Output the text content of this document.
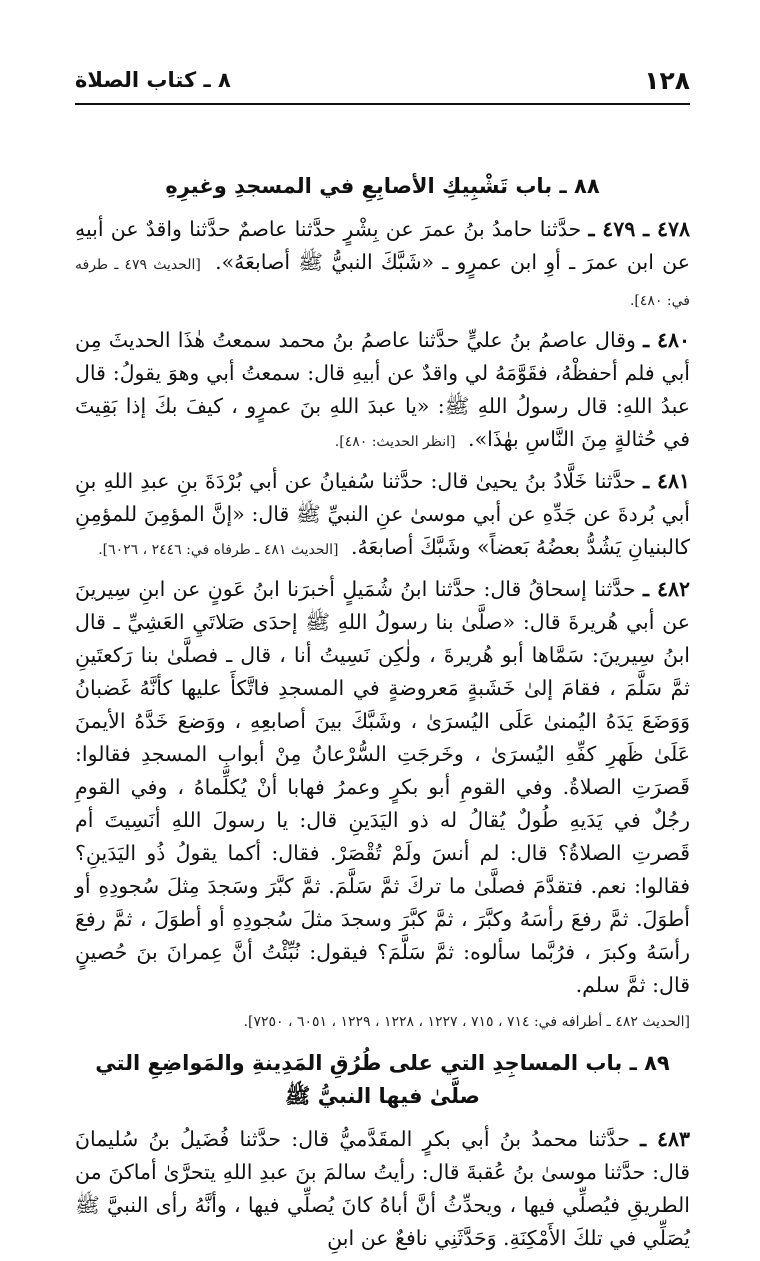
١٢٨
٨ ـ كتاب الصلاة
٨٨ ـ باب تَشْبِيكِ الأصابِعِ في المسجدِ وغيرِهِ

٤٧٨ ـ ٤٧٩ ـ حدَّثنا حامدُ بنُ عمرَ عن بِشْرٍ حدَّثنا عاصمٌ حدَّثنا واقدٌ عن أبيهِ عن ابن عمرَ ـ أوِ ابن عمرٍو ـ «شَبَّكَ النبيُّ ﷺ أصابعَهُ». [الحديث ٤٧٩ ـ طرفه في: ٤٨٠].

٤٨٠ ـ وقال عاصمُ بنُ عليٍّ حدَّثنا عاصمُ بنُ محمد سمعتُ هٰذَا الحديثَ مِن أبي فلم أحفظْهُ، فقَوَّمَهُ لي واقدٌ عن أبيهِ قال: سمعتُ أبي وهوَ يقولُ: قال عبدُ اللهِ: قال رسولُ اللهِ ﷺ: «يا عبدَ اللهِ بنَ عمرٍو ، كيفَ بكَ إذا بَقِيتَ في حُثالةٍ مِنَ النَّاسِ بهٰذَا». [انظر الحديث: ٤٨٠].

٤٨١ ـ حدَّثنا خَلَّادُ بنُ يحيىٰ قال: حدَّثنا سُفيانُ عن أبي بُرْدَةَ بنِ عبدِ اللهِ بنِ أبي بُردةَ عن جَدِّهِ عن أبي موسىٰ عنِ النبيِّ ﷺ قال: «إنَّ المؤمِنَ للمؤمِنِ كالبنيانِ يَشُدُّ بعضُهُ بَعضاً» وشَبَّكَ أصابعَهُ. [الحديث ٤٨١ ـ طرفاه في: ٢٤٤٦ ، ٦٠٢٦].

٤٨٢ ـ حدَّثنا إسحاقُ قال: حدَّثنا ابنُ شُمَيلٍ أخبرَنا ابنُ عَونٍ عن ابنِ سِيرينَ عن أبي هُريرةَ قال: «صلَّىٰ بنا رسولُ اللهِ ﷺ إحدَى صَلاتَيِ العَشِيِّ ـ قال ابنُ سِيرينَ: سَمَّاها أبو هُريرةَ ، ولٰكِن نَسِيتُ أنا ، قال ـ فصلَّىٰ بنا رَكعتَينِ ثمَّ سَلَّمَ ، فقامَ إلىٰ خَشَبةٍ مَعروضةٍ في المسجدِ فاتَّكأَ عليها كأنَّهُ غَضبانُ وَوَضَعَ يَدَهُ اليُمنىٰ عَلَى اليُسرَىٰ ، وشَبَّكَ بينَ أصابعِهِ ، ووَضعَ خَدَّهُ الأيمنَ عَلَىٰ ظَهرِ كفِّهِ اليُسرَىٰ ، وخَرجَتِ السُّرْعانُ مِنْ أبوابِ المسجدِ فقالوا: قَصرَتِ الصلاةُ. وفي القومِ أبو بكرٍ وعمرُ فهابا أنْ يُكلِّماهُ ، وفي القومِ رجُلٌ في يَدَيهِ طُولٌ يُقالُ له ذو اليَدَينِ قال: يا رسولَ اللهِ أنَسِيتَ أم قَصرتِ الصلاةُ؟ قال: لم أنسَ ولَمْ تُقْصَرْ. فقال: أكما يقولُ ذُو اليَدَينِ؟ فقالوا: نعم. فتقدَّمَ فصلَّىٰ ما تركَ ثمَّ سَلَّمَ. ثمَّ كبَّرَ وسَجدَ مِثلَ سُجودِهِ أو أطوَلَ. ثمَّ رفعَ رأسَهُ وكبَّرَ ، ثمَّ كبَّرَ وسجدَ مثلَ سُجودِهِ أو أطوَلَ ، ثمَّ رفعَ رأسَهُ وكبرَ ، فرُبَّما سألوه: ثمَّ سَلَّمَ؟ فيقول: نُبِّئْتُ أنَّ عِمرانَ بنَ حُصينٍ قال: ثمَّ سلم.

[الحديث ٤٨٢ ـ أطرافه في: ٧١٤ ، ٧١٥ ، ١٢٢٧ ، ١٢٢٨ ، ١٢٢٩ ، ٦٠٥١ ، ٧٢٥٠].
٨٩ ـ باب المساجِدِ التي على طُرُقِ المَدِينةِ والمَواضِعِ التي صلَّىٰ فيها النبيُّ ﷺ

٤٨٣ ـ حدَّثنا محمدُ بنُ أبي بكرٍ المقَدَّميُّ قال: حدَّثنا فُضَيلُ بنُ سُليمانَ قال: حدَّثنا موسىٰ بنُ عُقبةَ قال: رأيتُ سالمَ بنَ عبدِ اللهِ يتحرَّىٰ أماكنَ من الطريقِ فيُصلِّي فيها ، ويحدِّثُ أنَّ أباهُ كانَ يُصلِّي فيها ، وأنَّهُ رأى النبيَّ ﷺ يُصَلِّي في تلكَ الأَمْكِنَةِ. وَحَدَّثَنِي نافعٌ عن ابنِ
